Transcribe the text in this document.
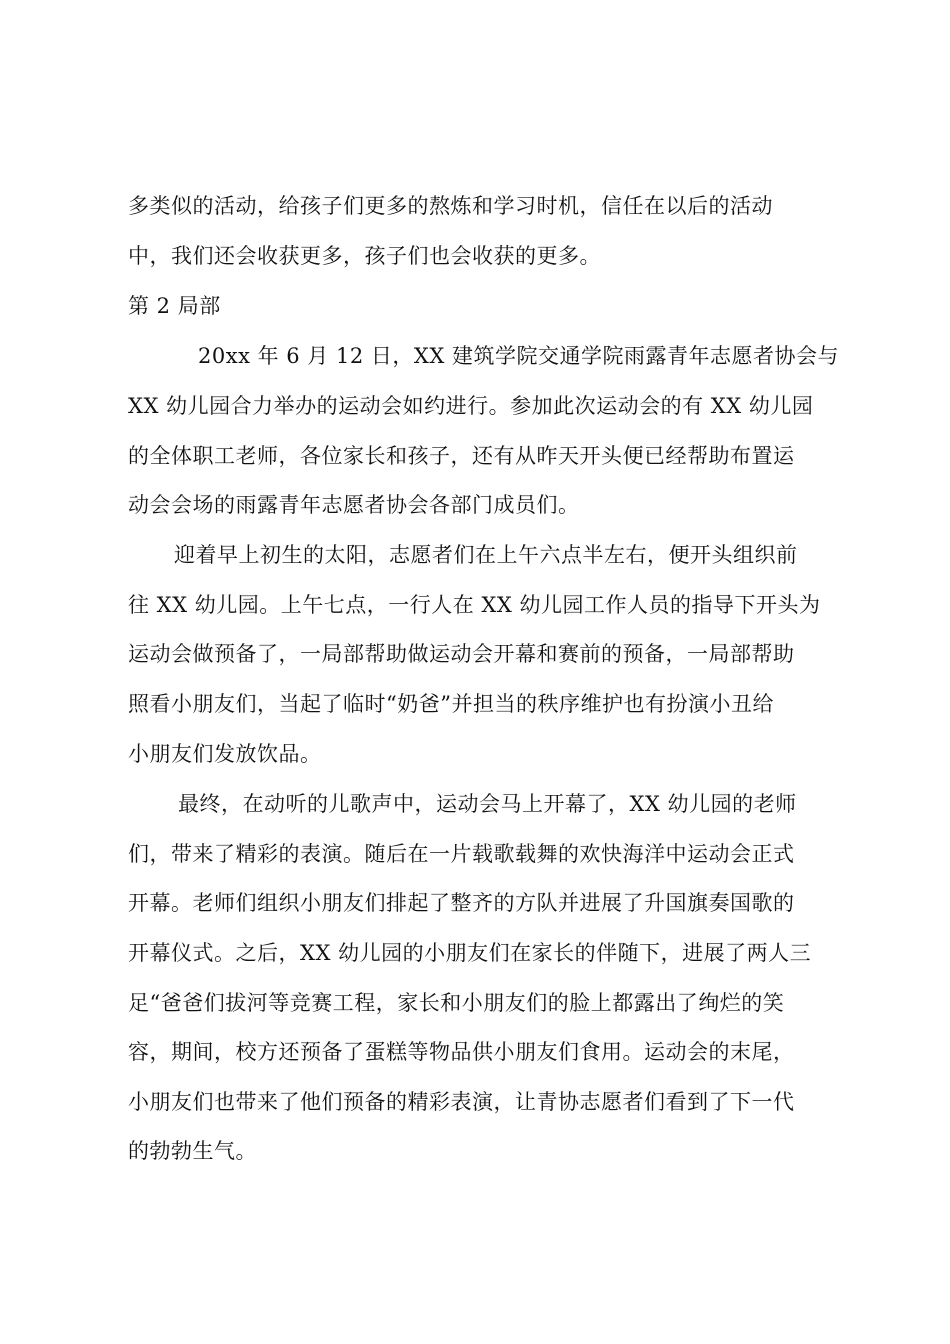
多类似的活动，给孩子们更多的熬炼和学习时机，信任在以后的活动
中，我们还会收获更多，孩子们也会收获的更多。
第 2 局部
20xx 年 6 月 12 日，XX 建筑学院交通学院雨露青年志愿者协会与
XX 幼儿园合力举办的运动会如约进行。参加此次运动会的有 XX 幼儿园
的全体职工老师，各位家长和孩子，还有从昨天开头便已经帮助布置运
动会会场的雨露青年志愿者协会各部门成员们。
迎着早上初生的太阳，志愿者们在上午六点半左右，便开头组织前
往 XX 幼儿园。上午七点，一行人在 XX 幼儿园工作人员的指导下开头为
运动会做预备了，一局部帮助做运动会开幕和赛前的预备，一局部帮助
照看小朋友们，当起了临时“奶爸”并担当的秩序维护也有扮演小丑给
小朋友们发放饮品。
最终，在动听的儿歌声中，运动会马上开幕了，XX 幼儿园的老师
们，带来了精彩的表演。随后在一片载歌载舞的欢快海洋中运动会正式
开幕。老师们组织小朋友们排起了整齐的方队并进展了升国旗奏国歌的
开幕仪式。之后，XX 幼儿园的小朋友们在家长的伴随下，进展了两人三
足“爸爸们拔河等竞赛工程，家长和小朋友们的脸上都露出了绚烂的笑
容，期间，校方还预备了蛋糕等物品供小朋友们食用。运动会的末尾，
小朋友们也带来了他们预备的精彩表演，让青协志愿者们看到了下一代
的勃勃生气。
